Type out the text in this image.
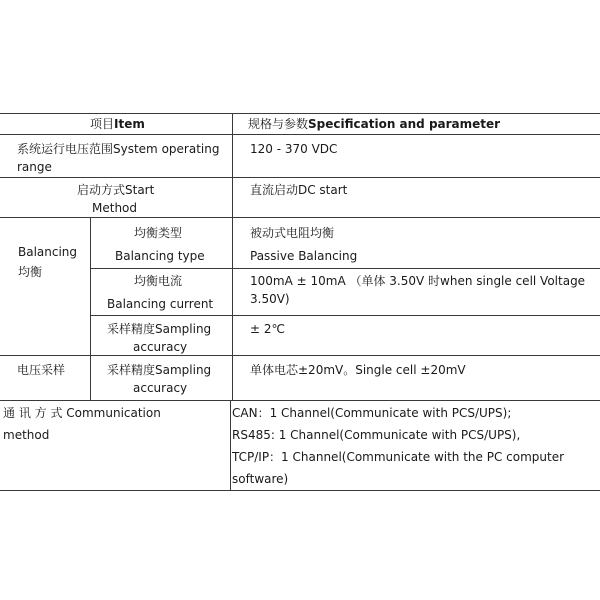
项目Item	规格与参数Specification and parameter
系统运行电压范围System operating
range
120 - 370 VDC
启动方式Start
Method
直流启动DC start
Balancing
均衡
均衡类型
Balancing type
被动式电阻均衡
Passive Balancing
均衡电流
Balancing current
100mA ± 10mA （单体 3.50V 时when single cell Voltage
3.50V)
采样精度Sampling
accuracy
± 2℃
电压采样	采样精度Sampling
accuracy
单体电芯±20mV。Single cell ±20mV
通 讯 方 式 Communication
method
CAN：1 Channel(Communicate with PCS/UPS);
RS485: 1 Channel(Communicate with PCS/UPS),
TCP/IP：1 Channel(Communicate with the PC computer
software)
